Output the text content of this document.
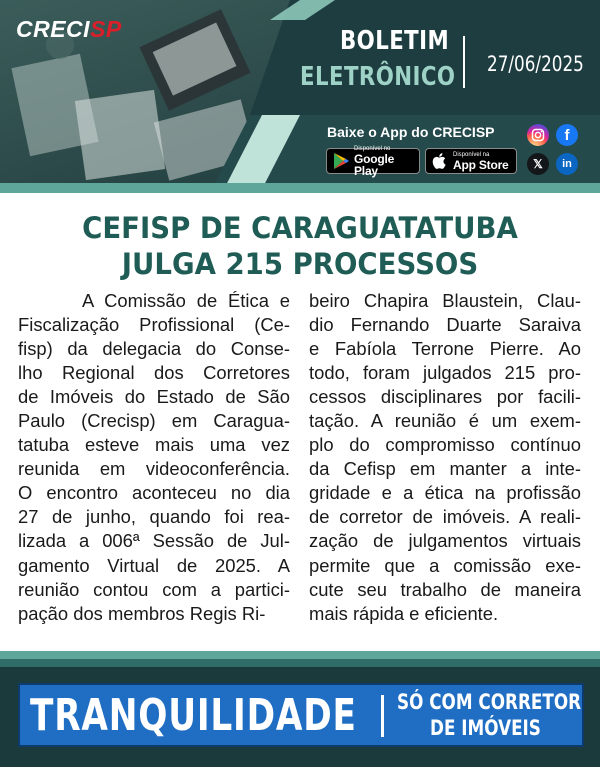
CRECISP	BOLETIM
ELETRÔNICO 27/06/2025
Baixe o App do CRECISP
Disponível no
Google Play
Disponível na
App Store
f
𝕏	in
CEFISP DE CARAGUATATUBA
JULGA 215 PROCESSOS
A Comissão de Ética e
Fiscalização Profissional (Ce-
fisp) da delegacia do Conse-
lho Regional dos Corretores
de Imóveis do Estado de São
Paulo (Crecisp) em Caragua-
tatuba esteve mais uma vez
reunida em videoconferência.
O encontro aconteceu no dia
27 de junho, quando foi rea-
lizada a 006ª Sessão de Jul-
gamento Virtual de 2025. A
reunião contou com a partici-
pação dos membros Regis Ri-
beiro Chapira Blaustein, Clau-
dio Fernando Duarte Saraiva
e Fabíola Terrone Pierre. Ao
todo, foram julgados 215 pro-
cessos disciplinares por facili-
tação. A reunião é um exem-
plo do compromisso contínuo
da Cefisp em manter a inte-
gridade e a ética na profissão
de corretor de imóveis. A reali-
zação de julgamentos virtuais
permite que a comissão exe-
cute seu trabalho de maneira
mais rápida e eficiente.
TRANQUILIDADE SÓ COM CORRETOR
DE IMÓVEIS
